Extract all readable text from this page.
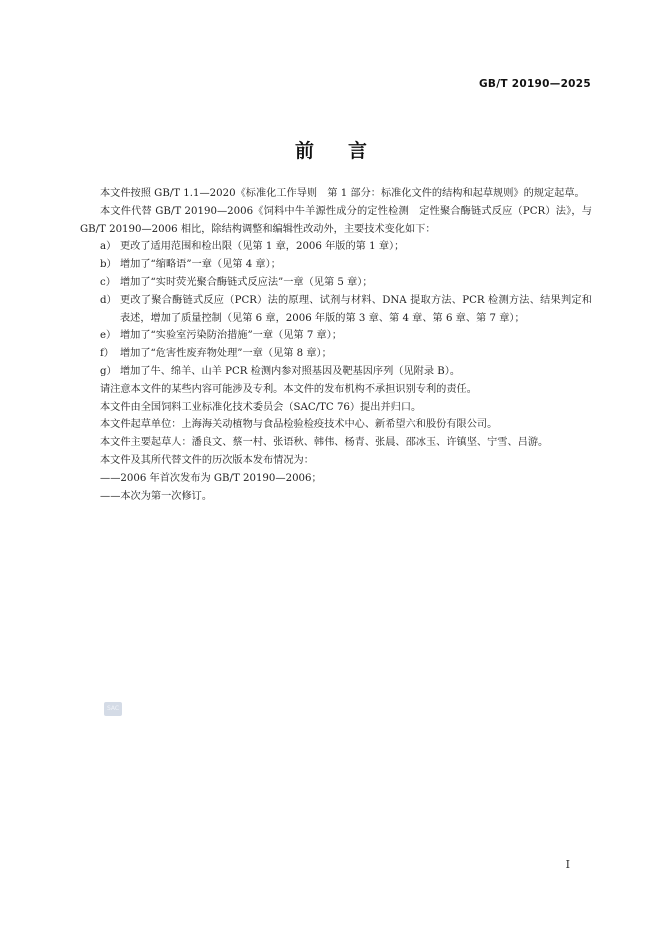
GB/T 20190—2025
前言

本文件按照 GB/T 1.1—2020《标准化工作导则　第 1 部分：标准化文件的结构和起草规则》的规定起草。

本文件代替 GB/T 20190—2006《饲料中牛羊源性成分的定性检测　定性聚合酶链式反应（PCR）法》，与 GB/T 20190—2006 相比，除结构调整和编辑性改动外，主要技术变化如下：

a） 更改了适用范围和检出限（见第 1 章，2006 年版的第 1 章）；
b） 增加了“缩略语”一章（见第 4 章）；
c） 增加了“实时荧光聚合酶链式反应法”一章（见第 5 章）；
d） 更改了聚合酶链式反应（PCR）法的原理、试剂与材料、DNA 提取方法、PCR 检测方法、结果判定和表述，增加了质量控制（见第 6 章，2006 年版的第 3 章、第 4 章、第 6 章、第 7 章）；
e） 增加了“实验室污染防治措施”一章（见第 7 章）；
f） 增加了“危害性废弃物处理”一章（见第 8 章）；
g） 增加了牛、绵羊、山羊 PCR 检测内参对照基因及靶基因序列（见附录 B）。

请注意本文件的某些内容可能涉及专利。本文件的发布机构不承担识别专利的责任。

本文件由全国饲料工业标准化技术委员会（SAC/TC 76）提出并归口。

本文件起草单位：上海海关动植物与食品检验检疫技术中心、新希望六和股份有限公司。

本文件主要起草人：潘良文、蔡一村、张语秋、韩伟、杨青、张晨、邵冰玉、许镇坚、宁雪、吕游。

本文件及其所代替文件的历次版本发布情况为：

——2006 年首次发布为 GB/T 20190—2006；

——本次为第一次修订。

SAC
I
